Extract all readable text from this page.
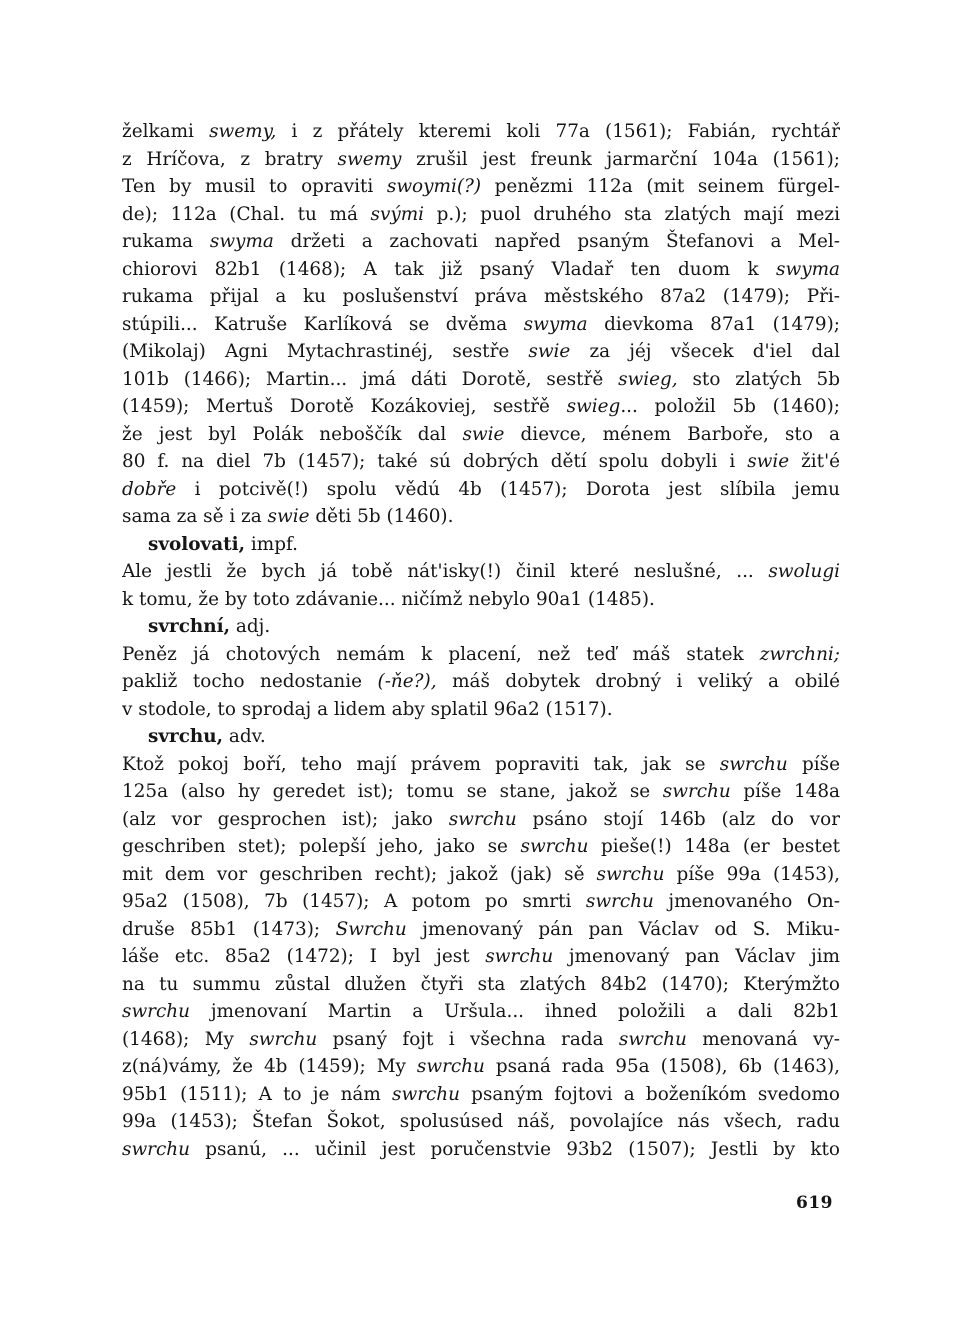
želkami swemy, i z přátely kteremi koli 77a (1561); Fabián, rychtář
z Hríčova, z bratry swemy zrušil jest freunk jarmarční 104a (1561);
Ten by musil to opraviti swoymi(?) penězmi 112a (mit seinem fürgel-
de); 112a (Chal. tu má svými p.); puol druhého sta zlatých mají mezi
rukama swyma držeti a zachovati napřed psaným Štefanovi a Mel-
chiorovi 82b1 (1468); A tak již psaný Vladař ten duom k swyma
rukama přijal a ku poslušenství práva městského 87a2 (1479); Při-
stúpili... Katruše Karlíková se dvěma swyma dievkoma 87a1 (1479);
(Mikolaj) Agni Mytachrastinéj, sestře swie za jéj všecek d'iel dal
101b (1466); Martin... jmá dáti Dorotě, sestřě swieg, sto zlatých 5b
(1459); Mertuš Dorotě Kozákoviej, sestřě swieg... položil 5b (1460);
že jest byl Polák neboščík dal swie dievce, ménem Barboře, sto a
80 f. na diel 7b (1457); také sú dobrých dětí spolu dobyli i swie žit'é
dobře i potcivě(!) spolu vědú 4b (1457); Dorota jest slíbila jemu
sama za sě i za swie děti 5b (1460).
svolovati, impf.
Ale jestli že bych já tobě nát'isky(!) činil které neslušné, ... swolugi
k tomu, že by toto zdávanie... ničímž nebylo 90a1 (1485).
svrchní, adj.
Peněz já chotových nemám k placení, než teď máš statek zwrchni;
pakliž tocho nedostanie (-ňe?), máš dobytek drobný i veliký a obilé
v stodole, to sprodaj a lidem aby splatil 96a2 (1517).
svrchu, adv.
Ktož pokoj boří, teho mají právem popraviti tak, jak se swrchu píše
125a (also hy geredet ist); tomu se stane, jakož se swrchu píše 148a
(alz vor gesprochen ist); jako swrchu psáno stojí 146b (alz do vor
geschriben stet); polepší jeho, jako se swrchu pieše(!) 148a (er bestet
mit dem vor geschriben recht); jakož (jak) sě swrchu píše 99a (1453),
95a2 (1508), 7b (1457); A potom po smrti swrchu jmenovaného On-
druše 85b1 (1473); Swrchu jmenovaný pán pan Václav od S. Miku-
láše etc. 85a2 (1472); I byl jest swrchu jmenovaný pan Václav jim
na tu summu zůstal dlužen čtyři sta zlatých 84b2 (1470); Kterýmžto
swrchu jmenovaní Martin a Uršula... ihned položili a dali 82b1
(1468); My swrchu psaný fojt i všechna rada swrchu menovaná vy-
z(ná)vámy, že 4b (1459); My swrchu psaná rada 95a (1508), 6b (1463),
95b1 (1511); A to je nám swrchu psaným fojtovi a boženíkóm svedomo
99a (1453); Štefan Šokot, spolusúsed náš, povolajíce nás všech, radu
swrchu psanú, ... učinil jest poručenstvie 93b2 (1507); Jestli by kto
619
